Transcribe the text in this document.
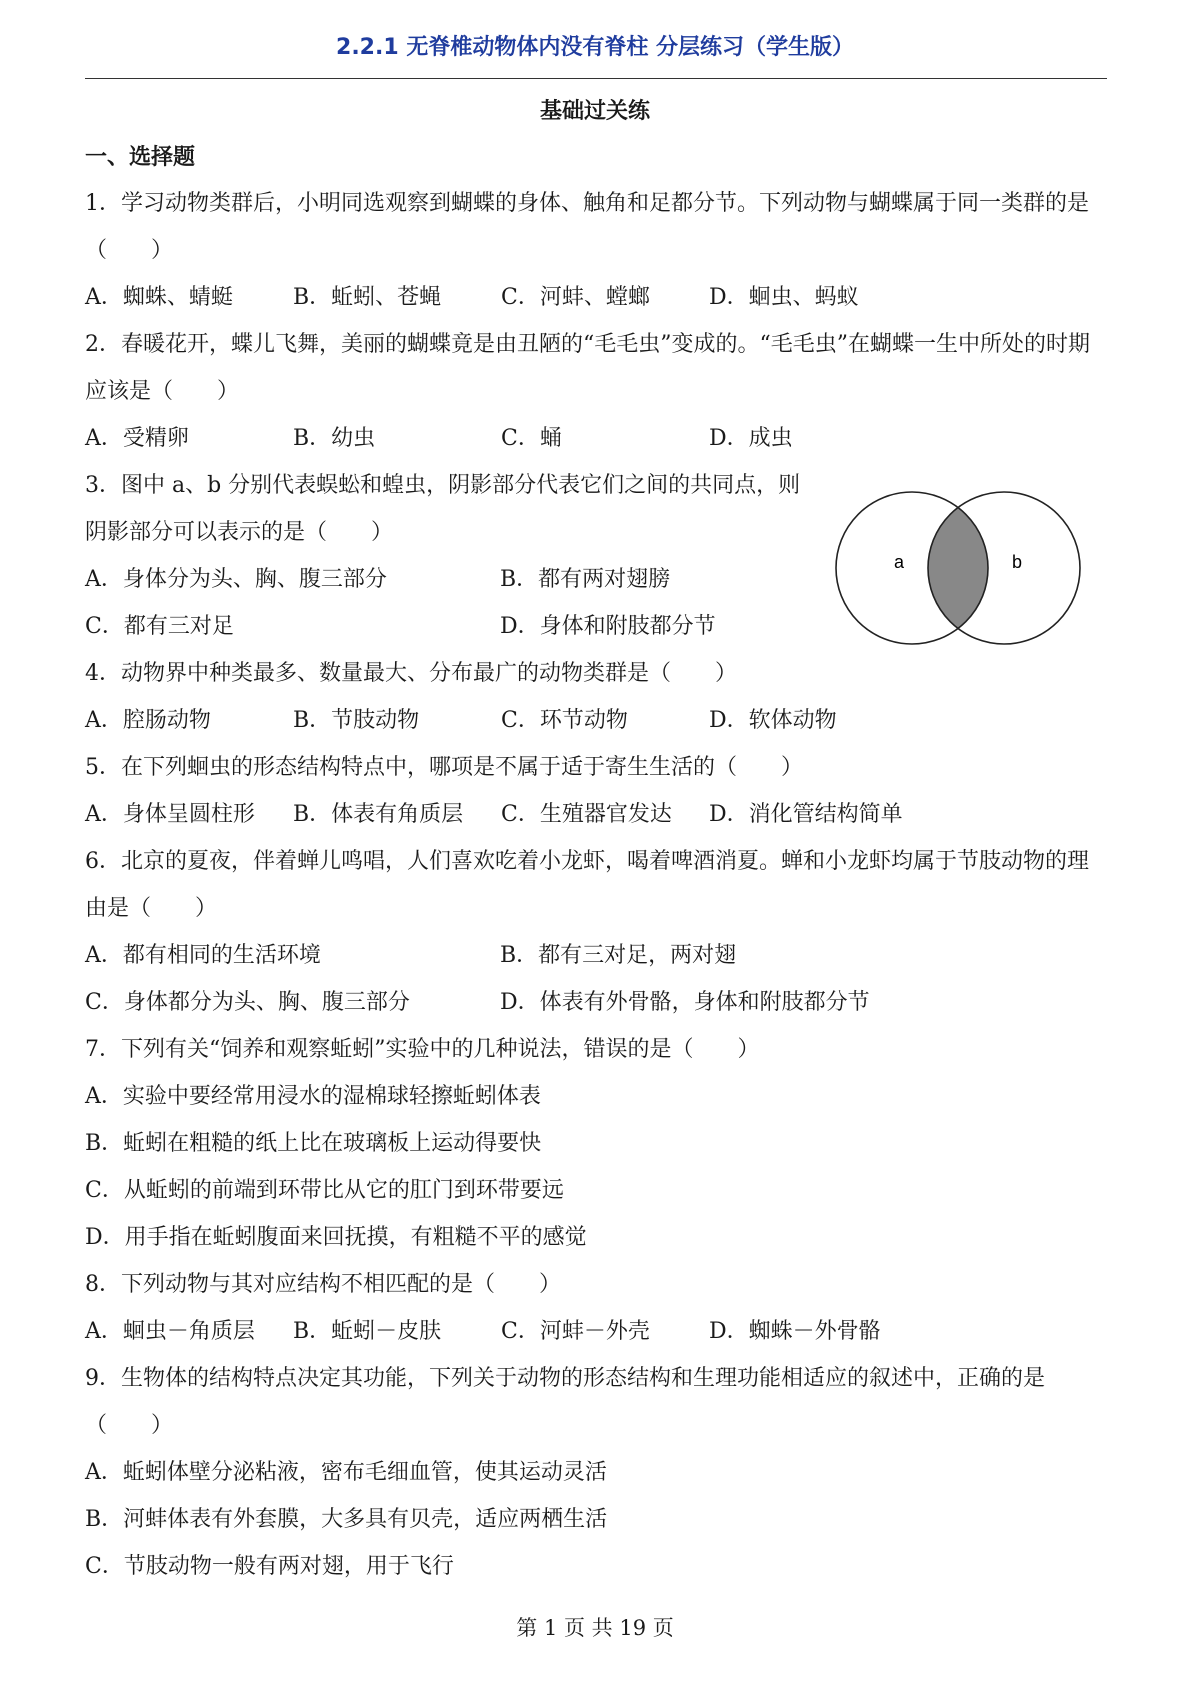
2.2.1 无脊椎动物体内没有脊柱 分层练习（学生版）
基础过关练
一、选择题

1．学习动物类群后，小明同选观察到蝴蝶的身体、触角和足都分节。下列动物与蝴蝶属于同一类群的是（　　）

A．蜘蛛、蜻蜓	B．蚯蚓、苍蝇	C．河蚌、螳螂	D．蛔虫、蚂蚁

2．春暖花开，蝶儿飞舞，美丽的蝴蝶竟是由丑陋的“毛毛虫”变成的。“毛毛虫”在蝴蝶一生中所处的时期应该是（　　）

A．受精卵	B．幼虫	C．蛹	D．成虫

3．图中 a、b 分别代表蜈蚣和蝗虫，阴影部分代表它们之间的共同点，则阴影部分可以表示的是（　　）

A．身体分为头、胸、腹三部分	B．都有两对翅膀
C．都有三对足	D．身体和附肢都分节

4．动物界中种类最多、数量最大、分布最广的动物类群是（　　）

A．腔肠动物	B．节肢动物	C．环节动物	D．软体动物

5．在下列蛔虫的形态结构特点中，哪项是不属于适于寄生生活的（　　）

A．身体呈圆柱形	B．体表有角质层	C．生殖器官发达	D．消化管结构简单

6．北京的夏夜，伴着蝉儿鸣唱，人们喜欢吃着小龙虾，喝着啤酒消夏。蝉和小龙虾均属于节肢动物的理由是（　　）

A．都有相同的生活环境	B．都有三对足，两对翅
C．身体都分为头、胸、腹三部分	D．体表有外骨骼，身体和附肢都分节

7．下列有关“饲养和观察蚯蚓”实验中的几种说法，错误的是（　　）

A．实验中要经常用浸水的湿棉球轻擦蚯蚓体表
B．蚯蚓在粗糙的纸上比在玻璃板上运动得要快
C．从蚯蚓的前端到环带比从它的肛门到环带要远
D．用手指在蚯蚓腹面来回抚摸，有粗糙不平的感觉

8．下列动物与其对应结构不相匹配的是（　　）

A．蛔虫－角质层	B．蚯蚓－皮肤	C．河蚌－外壳	D．蜘蛛－外骨骼

9．生物体的结构特点决定其功能，下列关于动物的形态结构和生理功能相适应的叙述中，正确的是（　　）

A．蚯蚓体壁分泌粘液，密布毛细血管，使其运动灵活
B．河蚌体表有外套膜，大多具有贝壳，适应两栖生活
C．节肢动物一般有两对翅，用于飞行
a	b
第 1 页 共 19 页
